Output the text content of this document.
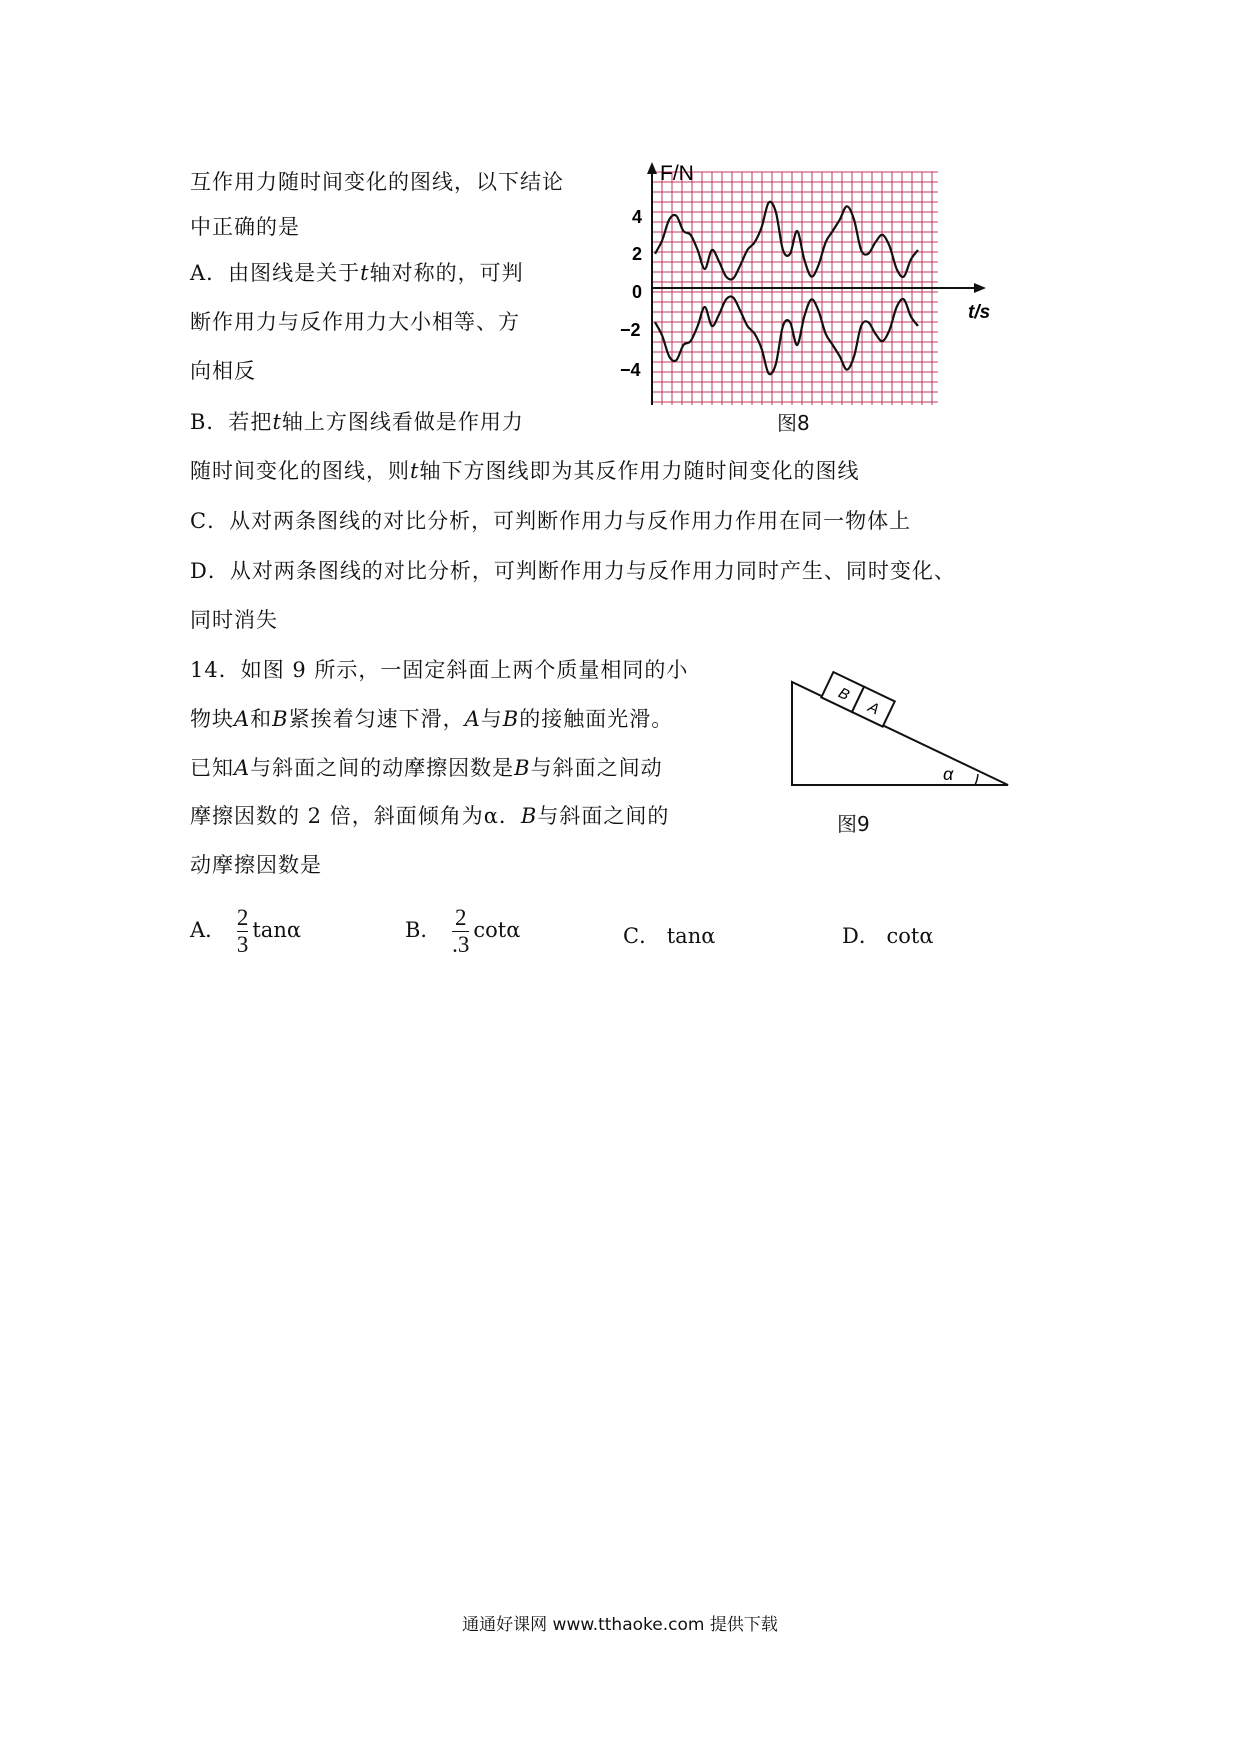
互作用力随时间变化的图线，以下结论
中正确的是
A．由图线是关于t轴对称的，可判
断作用力与反作用力大小相等、方
向相反
B．若把t轴上方图线看做是作用力
随时间变化的图线，则t轴下方图线即为其反作用力随时间变化的图线
C．从对两条图线的对比分析，可判断作用力与反作用力作用在同一物体上
D．从对两条图线的对比分析，可判断作用力与反作用力同时产生、同时变化、
同时消失
F/N
t/s
4
2
0
−2
−4
图8
14．如图 9 所示，一固定斜面上两个质量相同的小
物块A和B紧挨着匀速下滑，A与B的接触面光滑。
已知A与斜面之间的动摩擦因数是B与斜面之间动
摩擦因数的 2 倍，斜面倾角为α．B与斜面之间的
动摩擦因数是
B
A
α
图9
A． $\frac{2}{3}$ tanα	B． $\frac{2}{.3}$ cotα	C． tanα	D． cotα
通通好课网 www.tthaoke.com 提供下载
